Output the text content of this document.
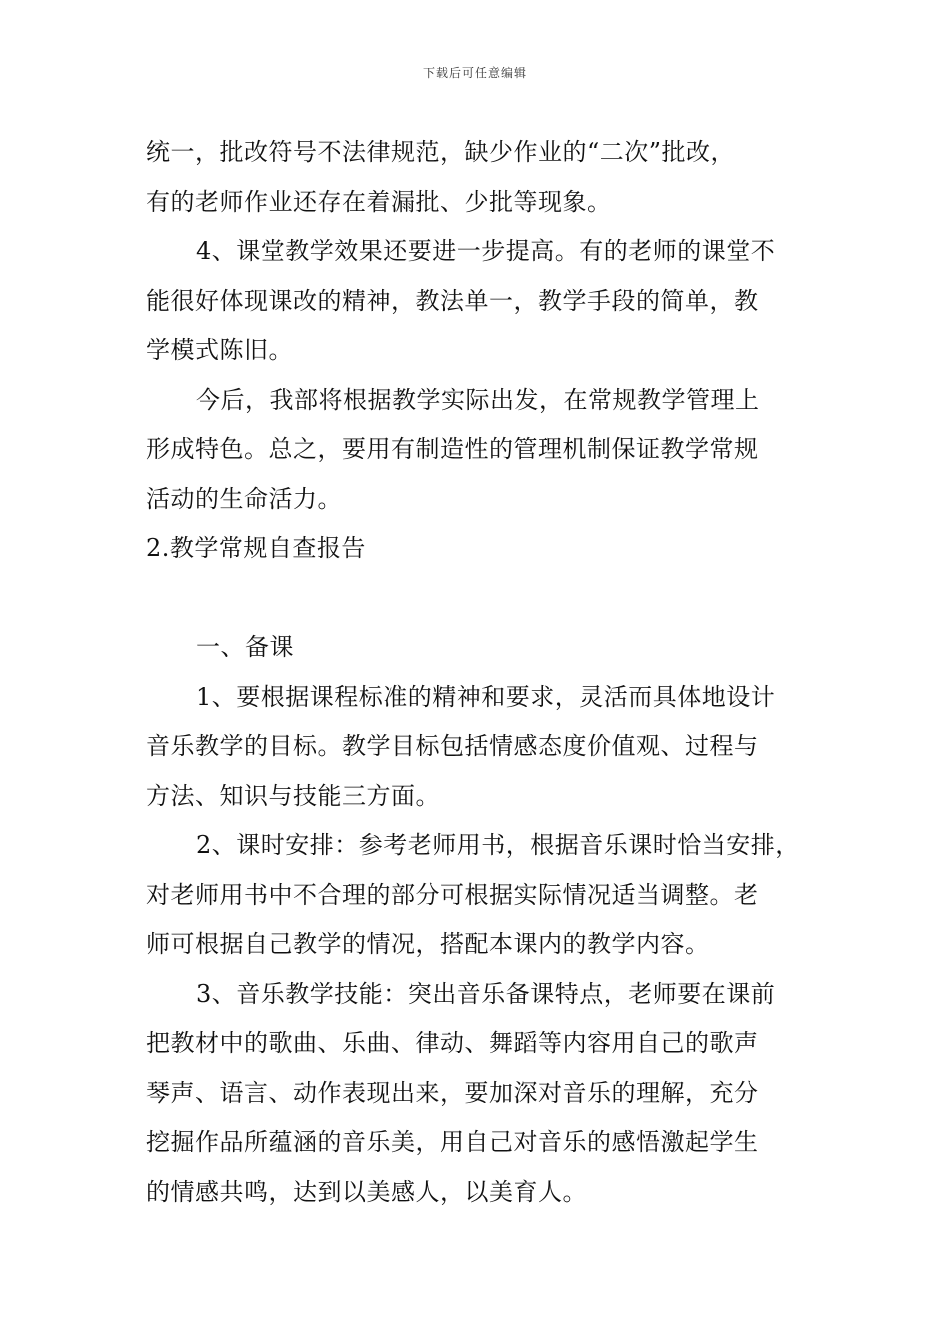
下载后可任意编辑
统一，批改符号不法律规范，缺少作业的“二次”批改，
有的老师作业还存在着漏批、少批等现象。
4、课堂教学效果还要进一步提高。有的老师的课堂不
能很好体现课改的精神，教法单一，教学手段的简单，教
学模式陈旧。
今后，我部将根据教学实际出发，在常规教学管理上
形成特色。总之，要用有制造性的管理机制保证教学常规
活动的生命活力。
2.教学常规自查报告
一、备课
1、要根据课程标准的精神和要求，灵活而具体地设计
音乐教学的目标。教学目标包括情感态度价值观、过程与
方法、知识与技能三方面。
2、课时安排：参考老师用书，根据音乐课时恰当安排，
对老师用书中不合理的部分可根据实际情况适当调整。老
师可根据自己教学的情况，搭配本课内的教学内容。
3、音乐教学技能：突出音乐备课特点，老师要在课前
把教材中的歌曲、乐曲、律动、舞蹈等内容用自己的歌声
琴声、语言、动作表现出来，要加深对音乐的理解，充分
挖掘作品所蕴涵的音乐美，用自己对音乐的感悟激起学生
的情感共鸣，达到以美感人，以美育人。
